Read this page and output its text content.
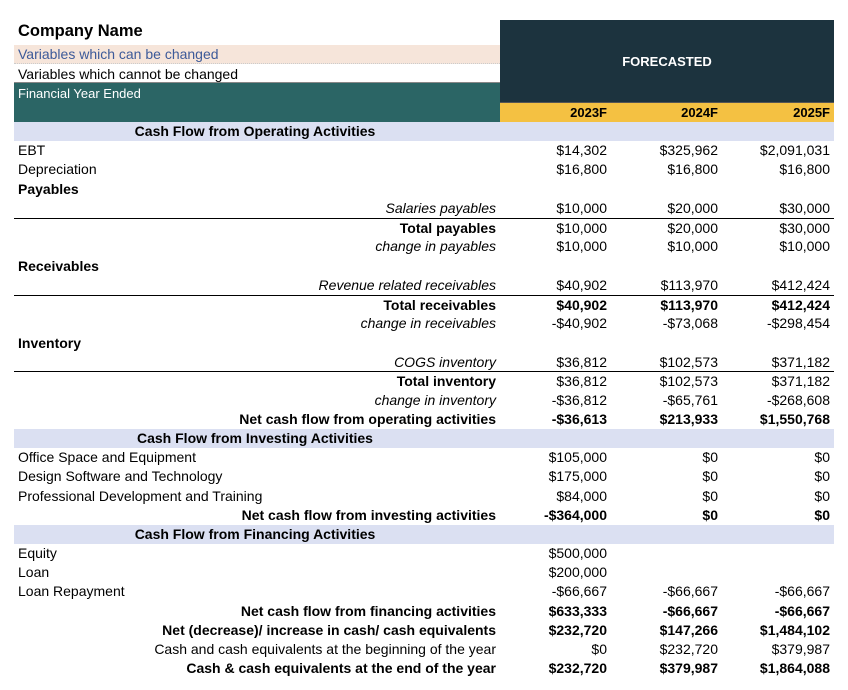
Company Name
Variables which can be changed
Variables which cannot be changed
Financial Year Ended
FORECASTED
2023F	2024F	2025F
Cash Flow from Operating Activities
EBT	$14,302	$325,962	$2,091,031
Depreciation	$16,800	$16,800	$16,800
Payables
Salaries payables	$10,000	$20,000	$30,000
Total payables	$10,000	$20,000	$30,000
change in payables	$10,000	$10,000	$10,000
Receivables
Revenue related receivables	$40,902	$113,970	$412,424
Total receivables	$40,902	$113,970	$412,424
change in receivables	-$40,902	-$73,068	-$298,454
Inventory
COGS inventory	$36,812	$102,573	$371,182
Total inventory	$36,812	$102,573	$371,182
change in inventory	-$36,812	-$65,761	-$268,608
Net cash flow from operating activities	-$36,613	$213,933	$1,550,768
Cash Flow from Investing Activities
Office Space and Equipment	$105,000	$0	$0
Design Software and Technology	$175,000	$0	$0
Professional Development and Training	$84,000	$0	$0
Net cash flow from investing activities	-$364,000	$0	$0
Cash Flow from Financing Activities
Equity	$500,000
Loan	$200,000
Loan Repayment	-$66,667	-$66,667	-$66,667
Net cash flow from financing activities	$633,333	-$66,667	-$66,667
Net (decrease)/ increase in cash/ cash equivalents	$232,720	$147,266	$1,484,102
Cash and cash equivalents at the beginning of the year	$0	$232,720	$379,987
Cash & cash equivalents at the end of the year	$232,720	$379,987	$1,864,088
